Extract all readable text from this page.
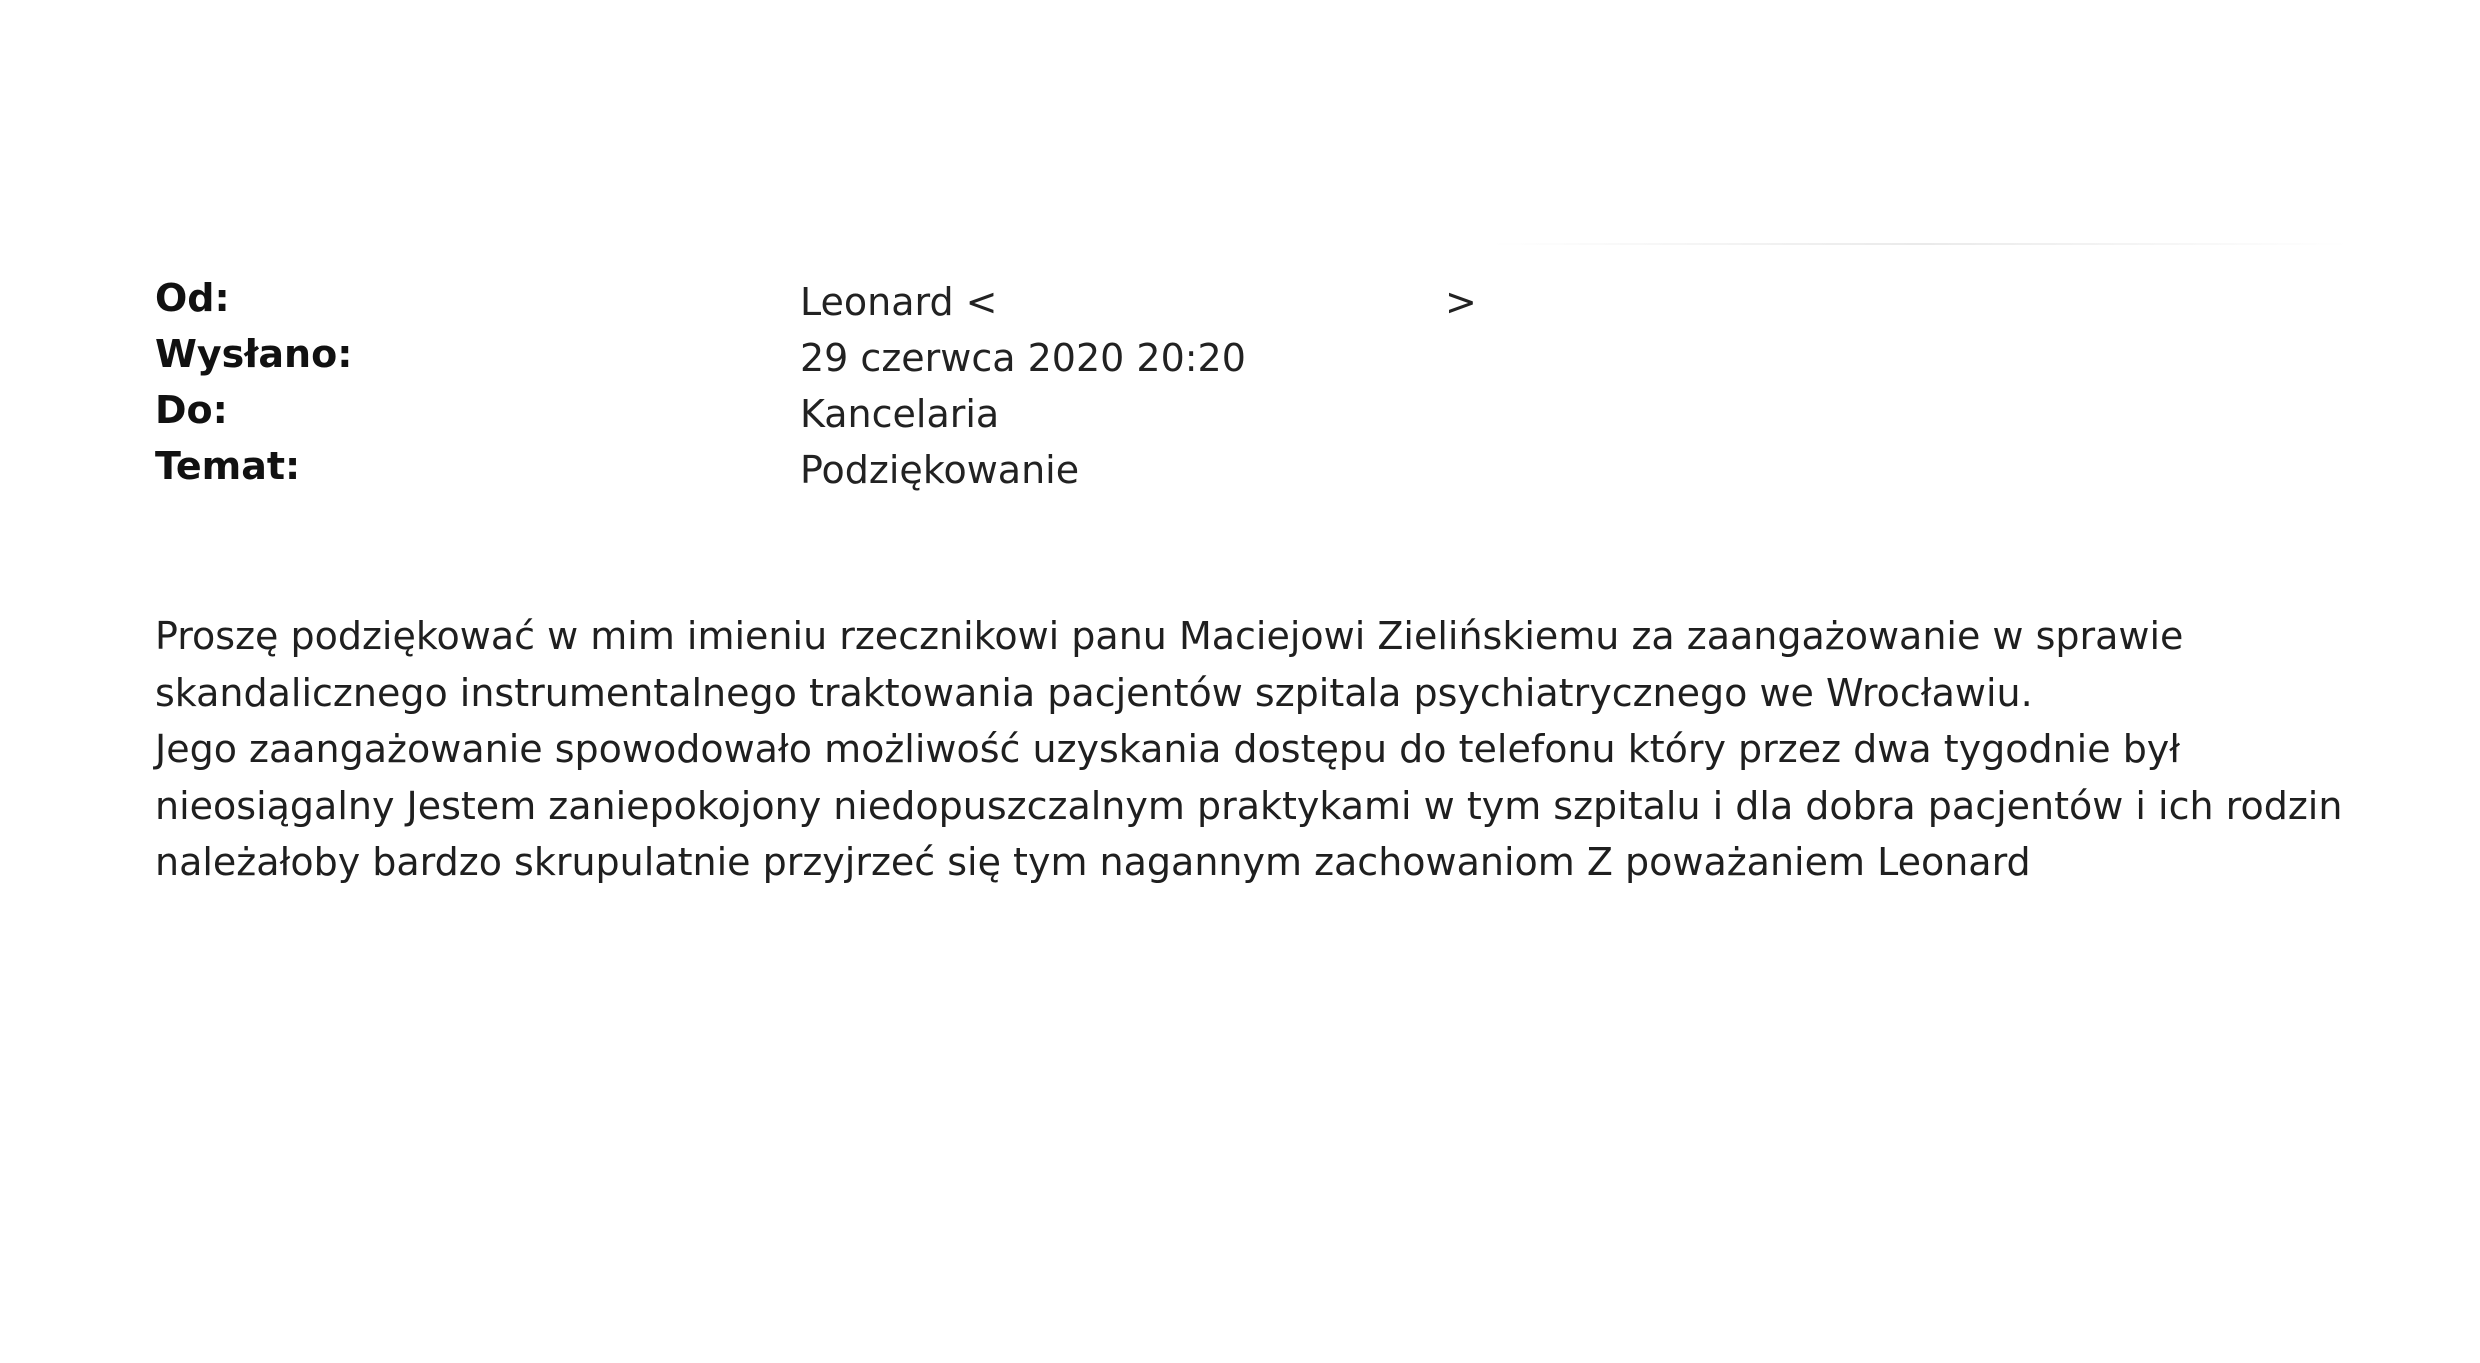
Od:	Leonard <	>
Wysłano:	29 czerwca 2020 20:20
Do:	Kancelaria
Temat:	Podziękowanie
Proszę podziękować w mim imieniu rzecznikowi panu Maciejowi Zielińskiemu za zaangażowanie w sprawie
skandalicznego instrumentalnego traktowania pacjentów szpitala psychiatrycznego we Wrocławiu.
Jego zaangażowanie spowodowało możliwość uzyskania dostępu do telefonu który przez dwa tygodnie był
nieosiągalny Jestem zaniepokojony niedopuszczalnym praktykami w tym szpitalu i dla dobra pacjentów i ich rodzin
należałoby bardzo skrupulatnie przyjrzeć się tym nagannym zachowaniom Z poważaniem Leonard
